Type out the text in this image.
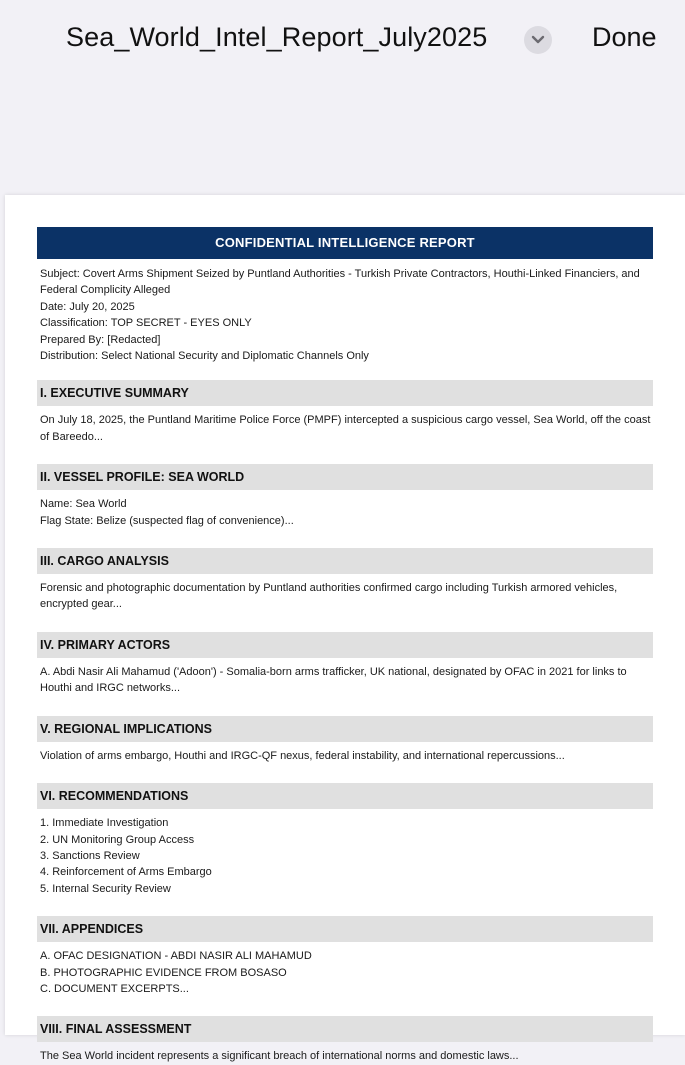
Sea_World_Intel_Report_July2025	Done
CONFIDENTIAL INTELLIGENCE REPORT
Subject: Covert Arms Shipment Seized by Puntland Authorities - Turkish Private Contractors, Houthi-Linked Financiers, and Federal Complicity Alleged
Date: July 20, 2025
Classification: TOP SECRET - EYES ONLY
Prepared By: [Redacted]
Distribution: Select National Security and Diplomatic Channels Only
I. EXECUTIVE SUMMARY
On July 18, 2025, the Puntland Maritime Police Force (PMPF) intercepted a suspicious cargo vessel, Sea World, off the coast of Bareedo...
II. VESSEL PROFILE: SEA WORLD
Name: Sea World
Flag State: Belize (suspected flag of convenience)...
III. CARGO ANALYSIS
Forensic and photographic documentation by Puntland authorities confirmed cargo including Turkish armored vehicles, encrypted gear...
IV. PRIMARY ACTORS
A. Abdi Nasir Ali Mahamud ('Adoon') - Somalia-born arms trafficker, UK national, designated by OFAC in 2021 for links to Houthi and IRGC networks...
V. REGIONAL IMPLICATIONS
Violation of arms embargo, Houthi and IRGC-QF nexus, federal instability, and international repercussions...
VI. RECOMMENDATIONS
1. Immediate Investigation
2. UN Monitoring Group Access
3. Sanctions Review
4. Reinforcement of Arms Embargo
5. Internal Security Review
VII. APPENDICES
A. OFAC DESIGNATION - ABDI NASIR ALI MAHAMUD
B. PHOTOGRAPHIC EVIDENCE FROM BOSASO
C. DOCUMENT EXCERPTS...
VIII. FINAL ASSESSMENT
The Sea World incident represents a significant breach of international norms and domestic laws...
